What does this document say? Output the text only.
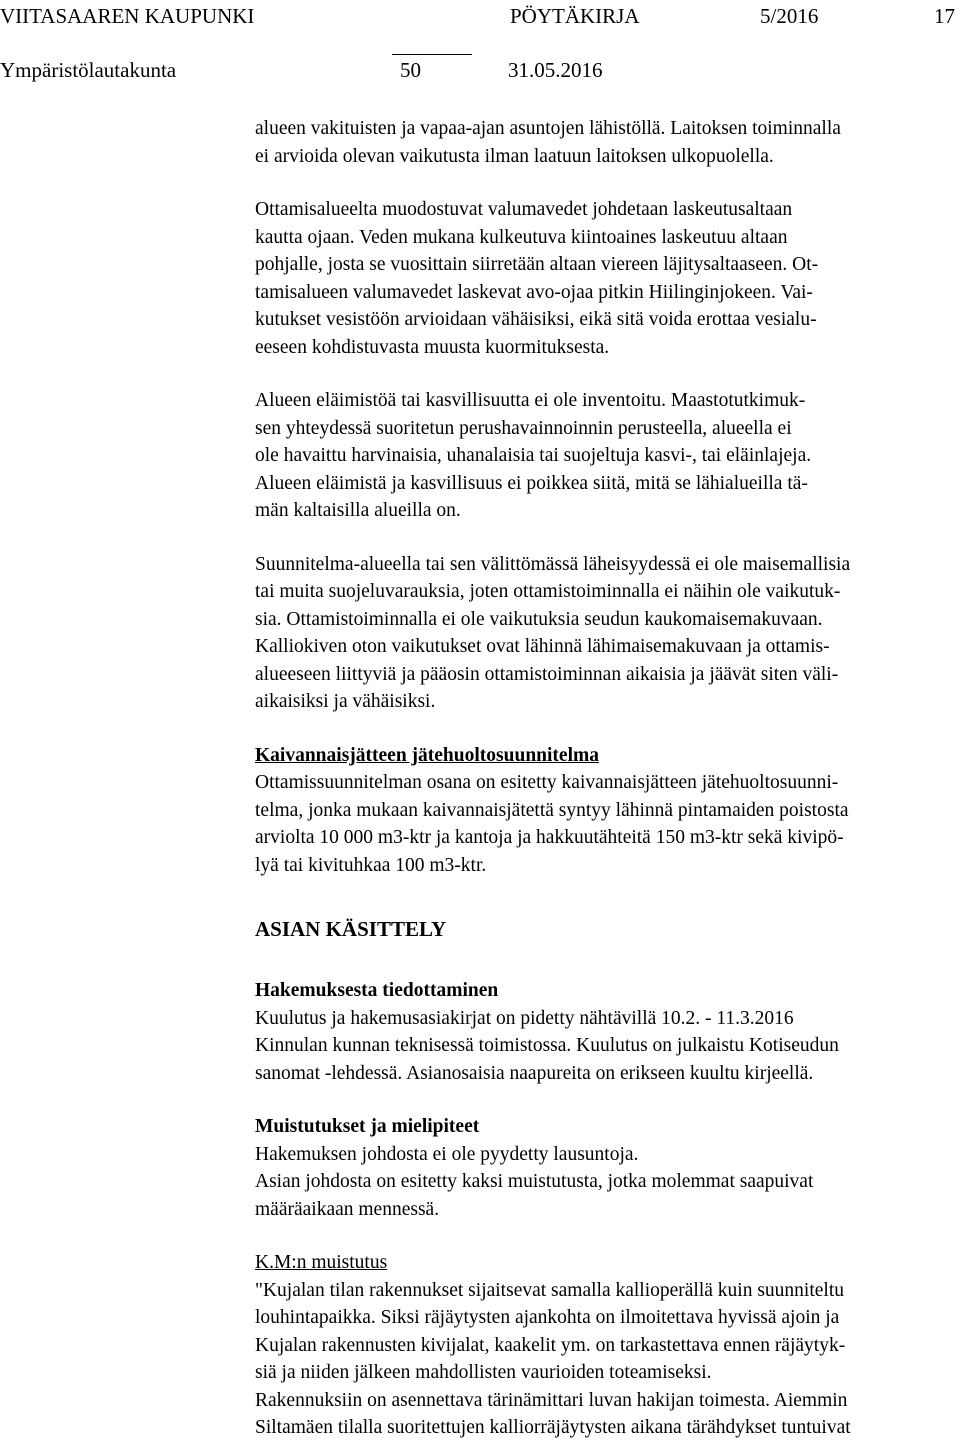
VIITASAAREN KAUPUNKI	PÖYTÄKIRJA	5/2016	17
Ympäristölautakunta	50	31.05.2016
alueen vakituisten ja vapaa-ajan asuntojen lähistöllä. Laitoksen toiminnalla
ei arvioida olevan vaikutusta ilman laatuun laitoksen ulkopuolella.
Ottamisalueelta muodostuvat valumavedet johdetaan laskeutusaltaan
kautta ojaan. Veden mukana kulkeutuva kiintoaines laskeutuu altaan
pohjalle, josta se vuosittain siirretään altaan viereen läjitysaltaaseen. Ot-
tamisalueen valumavedet laskevat avo-ojaa pitkin Hiilinginjokeen. Vai-
kutukset vesistöön arvioidaan vähäisiksi, eikä sitä voida erottaa vesialu-
eeseen kohdistuvasta muusta kuormituksesta.
Alueen eläimistöä tai kasvillisuutta ei ole inventoitu. Maastotutkimuk-
sen yhteydessä suoritetun perushavainnoinnin perusteella, alueella ei
ole havaittu harvinaisia, uhanalaisia tai suojeltuja kasvi-, tai eläinlajeja.
Alueen eläimistä ja kasvillisuus ei poikkea siitä, mitä se lähialueilla tä-
män kaltaisilla alueilla on.
Suunnitelma-alueella tai sen välittömässä läheisyydessä ei ole maisemallisia
tai muita suojeluvarauksia, joten ottamistoiminnalla ei näihin ole vaikutuk-
sia. Ottamistoiminnalla ei ole vaikutuksia seudun kaukomaisemakuvaan.
Kalliokiven oton vaikutukset ovat lähinnä lähimaisemakuvaan ja ottamis-
alueeseen liittyviä ja pääosin ottamistoiminnan aikaisia ja jäävät siten väli-
aikaisiksi ja vähäisiksi.
Kaivannaisjätteen jätehuoltosuunnitelma
Ottamissuunnitelman osana on esitetty kaivannaisjätteen jätehuoltosuunni-
telma, jonka mukaan kaivannaisjätettä syntyy lähinnä pintamaiden poistosta
arviolta 10 000 m3-ktr ja kantoja ja hakkuutähteitä 150 m3-ktr sekä kivipö-
lyä tai kivituhkaa 100 m3-ktr.
ASIAN KÄSITTELY
Hakemuksesta tiedottaminen
Kuulutus ja hakemusasiakirjat on pidetty nähtävillä 10.2. - 11.3.2016
Kinnulan kunnan teknisessä toimistossa. Kuulutus on julkaistu Kotiseudun
sanomat -lehdessä. Asianosaisia naapureita on erikseen kuultu kirjeellä.
Muistutukset ja mielipiteet
Hakemuksen johdosta ei ole pyydetty lausuntoja.
Asian johdosta on esitetty kaksi muistutusta, jotka molemmat saapuivat
määräaikaan mennessä.
K.M:n muistutus
"Kujalan tilan rakennukset sijaitsevat samalla kallioperällä kuin suunniteltu
louhintapaikka. Siksi räjäytysten ajankohta on ilmoitettava hyvissä ajoin ja
Kujalan rakennusten kivijalat, kaakelit ym. on tarkastettava ennen räjäytyk-
siä ja niiden jälkeen mahdollisten vaurioiden toteamiseksi.
Rakennuksiin on asennettava tärinämittari luvan hakijan toimesta. Aiemmin
Siltamäen tilalla suoritettujen kalliorräjäytysten aikana tärähdykset tuntuivat
